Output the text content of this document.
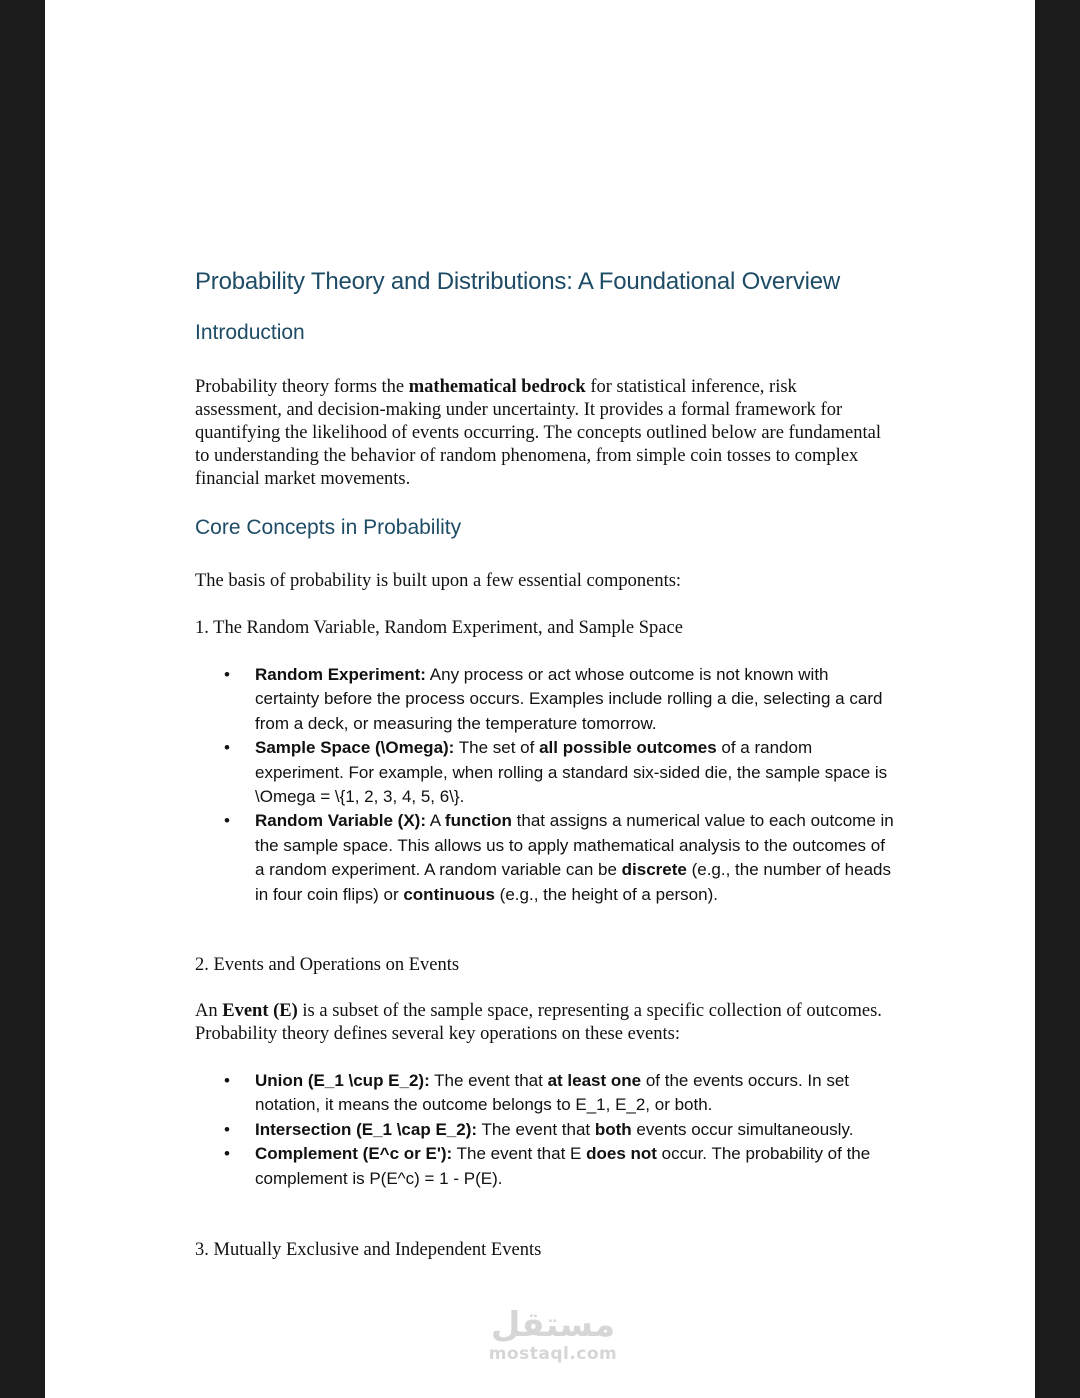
Probability Theory and Distributions: A Foundational Overview
Introduction

Probability theory forms the mathematical bedrock for statistical inference, risk assessment, and decision-making under uncertainty. It provides a formal framework for quantifying the likelihood of events occurring. The concepts outlined below are fundamental to understanding the behavior of random phenomena, from simple coin tosses to complex financial market movements.

Core Concepts in Probability

The basis of probability is built upon a few essential components:

1. The Random Variable, Random Experiment, and Sample Space

• Random Experiment: Any process or act whose outcome is not known with certainty before the process occurs. Examples include rolling a die, selecting a card from a deck, or measuring the temperature tomorrow.
• Sample Space (\Omega): The set of all possible outcomes of a random experiment. For example, when rolling a standard six-sided die, the sample space is \Omega = \{1, 2, 3, 4, 5, 6\}.
• Random Variable (X): A function that assigns a numerical value to each outcome in the sample space. This allows us to apply mathematical analysis to the outcomes of a random experiment. A random variable can be discrete (e.g., the number of heads in four coin flips) or continuous (e.g., the height of a person).

2. Events and Operations on Events

An Event (E) is a subset of the sample space, representing a specific collection of outcomes. Probability theory defines several key operations on these events:

• Union (E_1 \cup E_2): The event that at least one of the events occurs. In set notation, it means the outcome belongs to E_1, E_2, or both.
• Intersection (E_1 \cap E_2): The event that both events occur simultaneously.
• Complement (E^c or E'): The event that E does not occur. The probability of the complement is P(E^c) = 1 - P(E).

3. Mutually Exclusive and Independent Events

مستقل
mostaql.com
